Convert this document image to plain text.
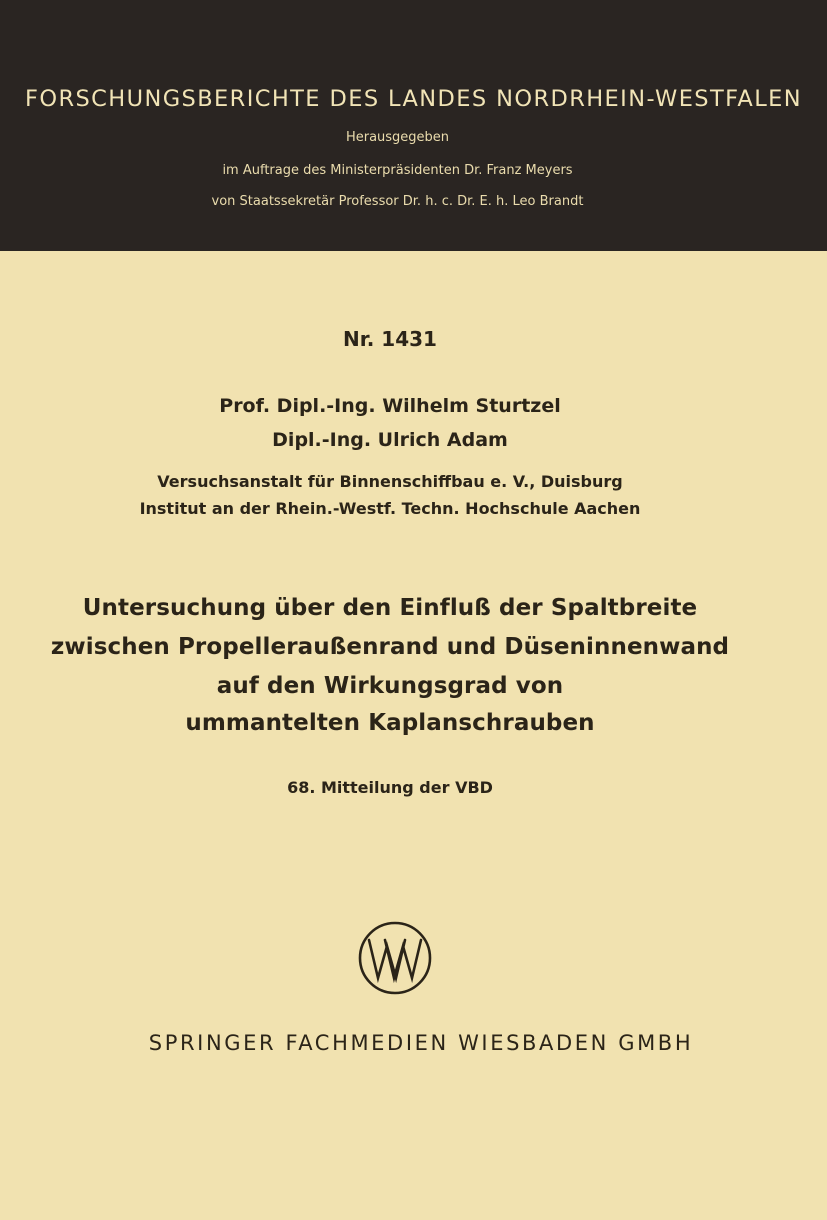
FORSCHUNGSBERICHTE DES LANDES NORDRHEIN-WESTFALEN
Herausgegeben
im Auftrage des Ministerpräsidenten Dr. Franz Meyers
von Staatssekretär Professor Dr. h. c. Dr. E. h. Leo Brandt
Nr. 1431
Prof. Dipl.-Ing. Wilhelm Sturtzel
Dipl.-Ing. Ulrich Adam
Versuchsanstalt für Binnenschiffbau e. V., Duisburg
Institut an der Rhein.-Westf. Techn. Hochschule Aachen
Untersuchung über den Einfluß der Spaltbreite
zwischen Propelleraußenrand und Düseninnenwand
auf den Wirkungsgrad von
ummantelten Kaplanschrauben
68. Mitteilung der VBD
SPRINGER FACHMEDIEN WIESBADEN GMBH
